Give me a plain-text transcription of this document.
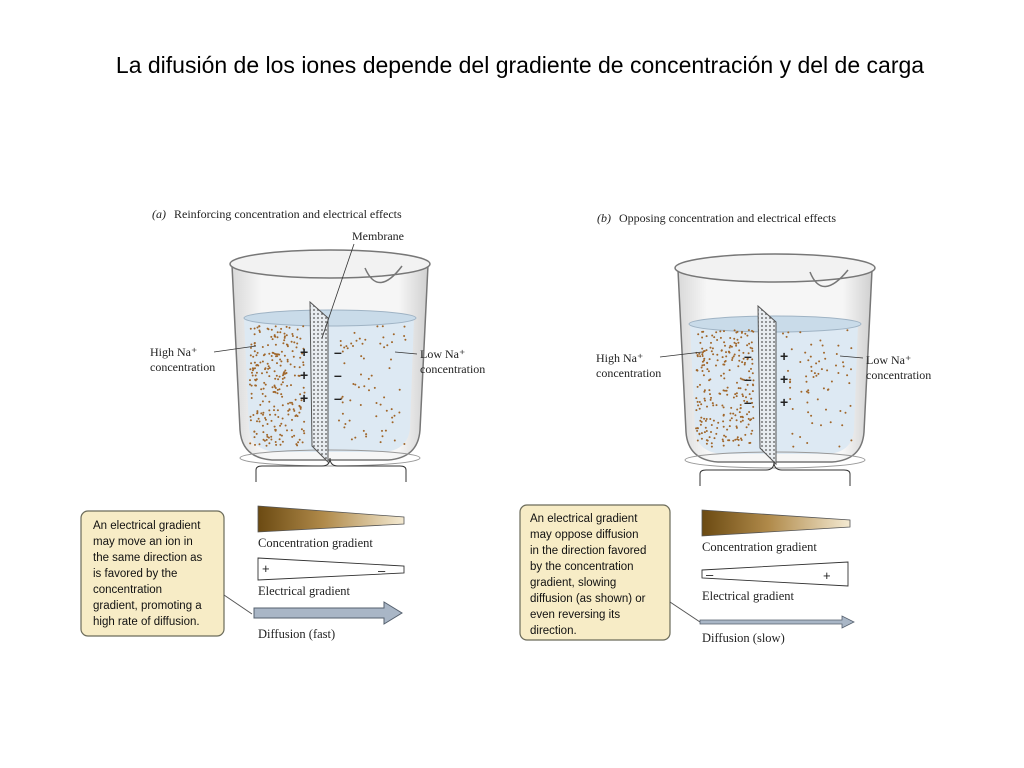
La difusión de los iones depende del gradiente de concentración y del de carga
(a) Reinforcing concentration and electrical effects
Membrane
High Na⁺ concentration
Low Na⁺ concentration
+
+
+
–
–
–
An electrical gradient may move an ion in the same direction as is favored by the concentration gradient, promoting a high rate of diffusion.
Concentration gradient
+	–
Electrical gradient
Diffusion (fast)
(b) Opposing concentration and electrical effects
High Na⁺ concentration
Low Na⁺ concentration
–
–
–
+
+
+
An electrical gradient may oppose diffusion in the direction favored by the concentration gradient, slowing diffusion (as shown) or even reversing its direction.
Concentration gradient
–	+
Electrical gradient
Diffusion (slow)
